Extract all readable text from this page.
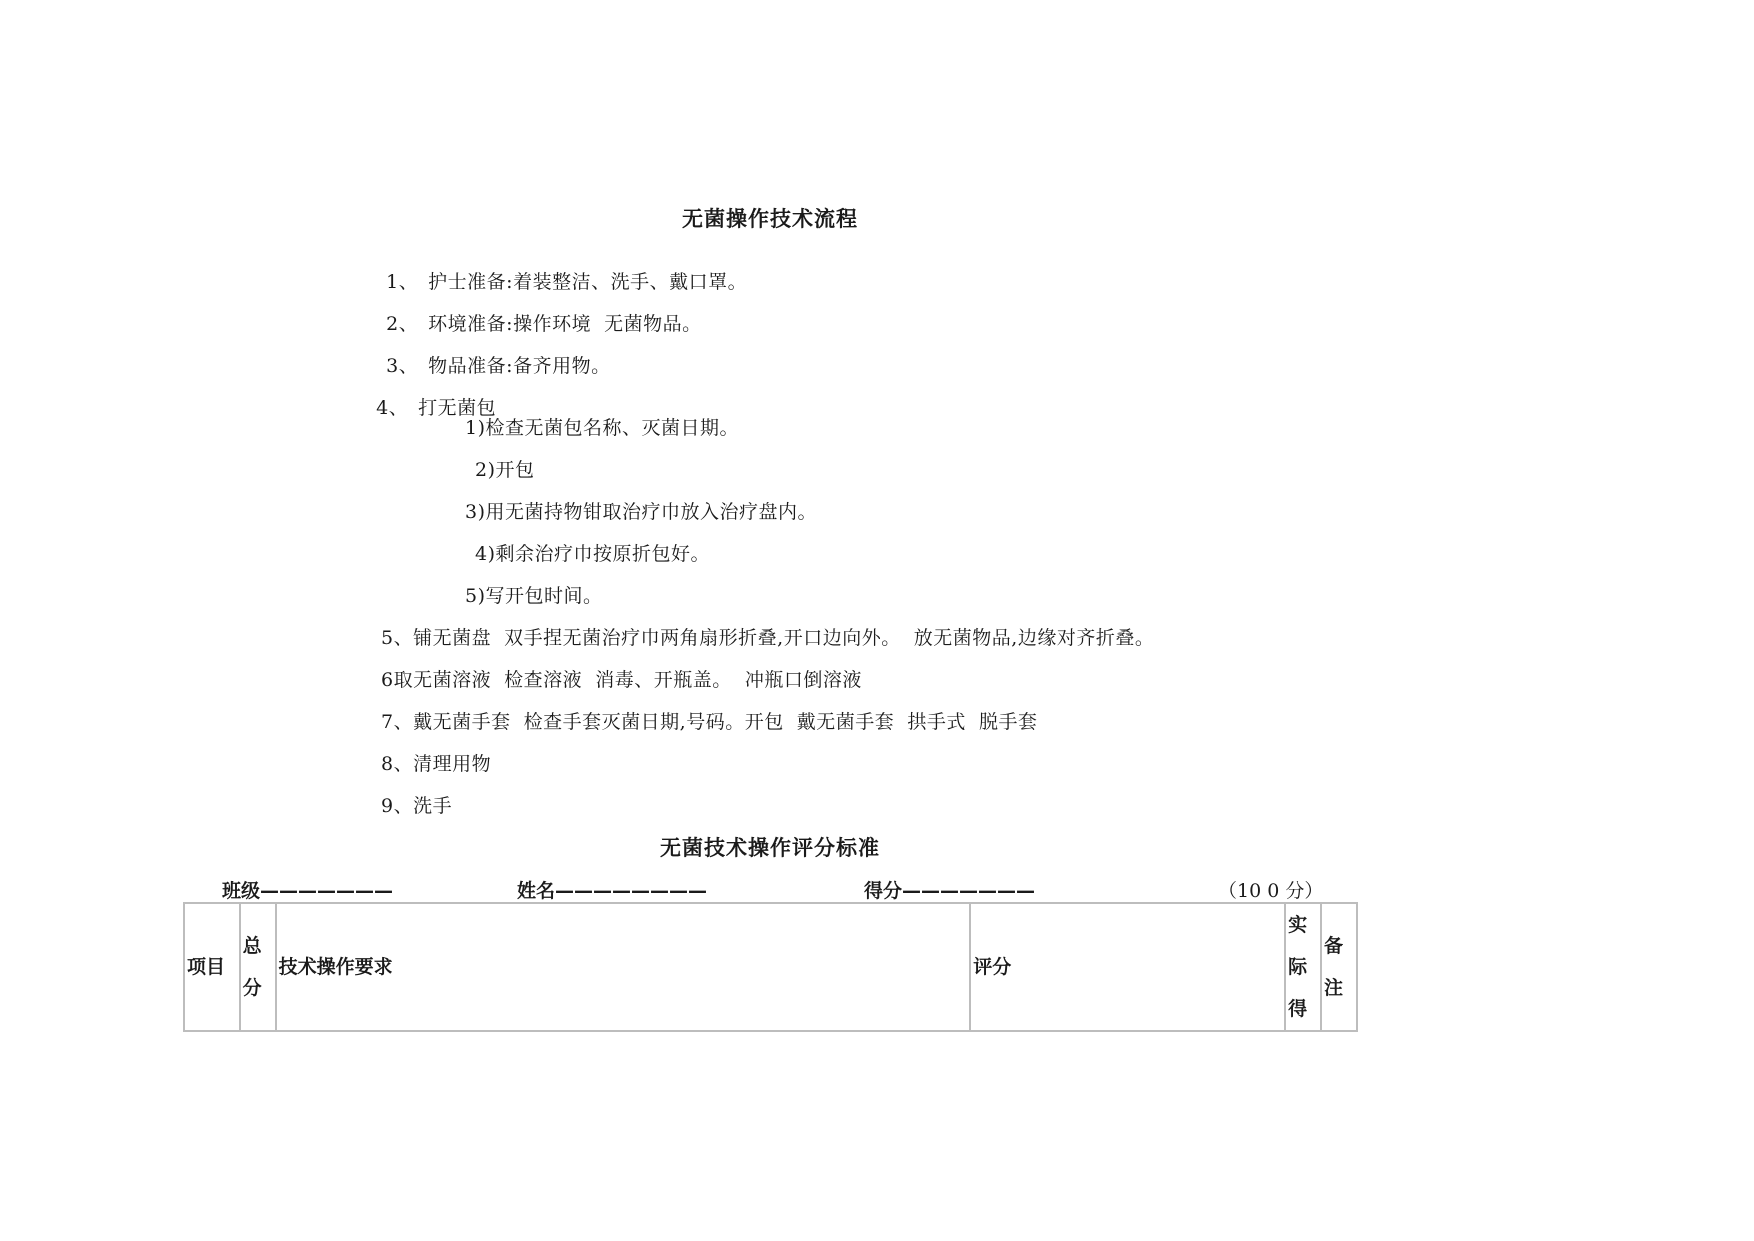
无菌操作技术流程

1、 护士准备:着装整洁、洗手、戴口罩。

2、 环境准备:操作环境  无菌物品。

3、 物品准备:备齐用物。

4、 打无菌包

1)检查无菌包名称、灭菌日期。
2)开包
3)用无菌持物钳取治疗巾放入治疗盘内。
4)剩余治疗巾按原折包好。
5)写开包时间。
5、铺无菌盘  双手捏无菌治疗巾两角扇形折叠,开口边向外。  放无菌物品,边缘对齐折叠。
6取无菌溶液  检查溶液  消毒、开瓶盖。  冲瓶口倒溶液
7、戴无菌手套  检查手套灭菌日期,号码。开包  戴无菌手套  拱手式  脱手套
8、清理用物
9、洗手
无菌技术操作评分标准
班级———————	姓名————————	得分———————	（10 0 分）
项目	总分	技术操作要求	评分	实际得	备注
